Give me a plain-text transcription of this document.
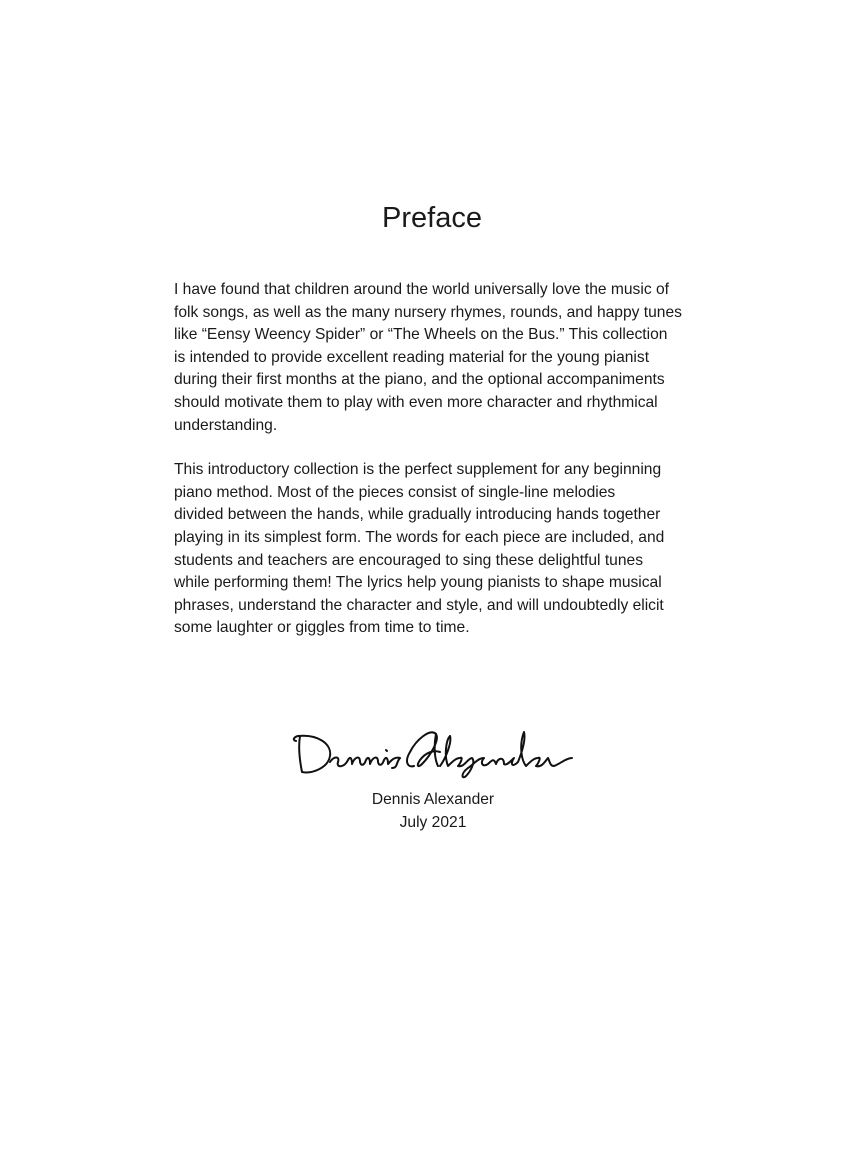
Preface

I have found that children around the world universally love the music of
folk songs, as well as the many nursery rhymes, rounds, and happy tunes
like “Eensy Weency Spider” or “The Wheels on the Bus.” This collection
is intended to provide excellent reading material for the young pianist
during their first months at the piano, and the optional accompaniments
should motivate them to play with even more character and rhythmical
understanding.

This introductory collection is the perfect supplement for any beginning
piano method. Most of the pieces consist of single-line melodies
divided between the hands, while gradually introducing hands together
playing in its simplest form. The words for each piece are included, and
students and teachers are encouraged to sing these delightful tunes
while performing them! The lyrics help young pianists to shape musical
phrases, understand the character and style, and will undoubtedly elicit
some laughter or giggles from time to time.

Dennis Alexander
July 2021
